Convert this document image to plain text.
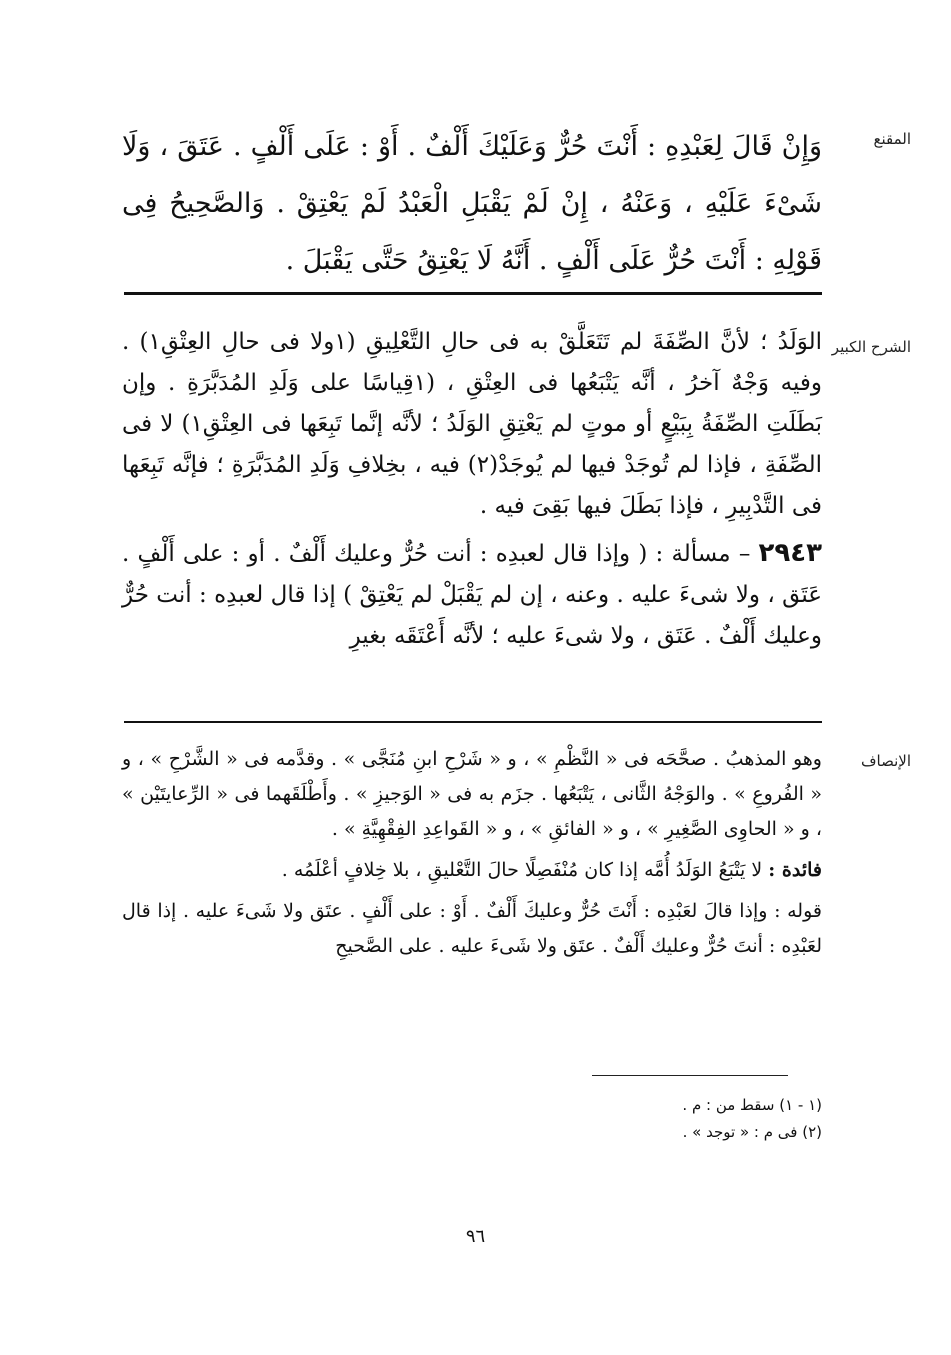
المقنع

وَإِنْ قَالَ لِعَبْدِهِ : أَنْتَ حُرٌّ وَعَلَيْكَ أَلْفٌ . أَوْ : عَلَى أَلْفٍ . عَتَقَ ، وَلَا شَىْءَ عَلَيْهِ ، وَعَنْهُ ، إِنْ لَمْ يَقْبَلِ الْعَبْدُ لَمْ يَعْتِقْ . وَالصَّحِيحُ فِى قَوْلِهِ : أَنْتَ حُرٌّ عَلَى أَلْفٍ . أَنَّهُ لَا يَعْتِقُ حَتَّى يَقْبَلَ .

الشرح الكبير

الوَلَدُ ؛ لأنَّ الصِّفَةَ لم تَتَعَلَّقْ به فى حالِ التَّعْلِيقِ (١ولا فى حالِ العِتْقِ١) . وفيه وَجْهٌ آخرُ ، أنَّه يَتْبَعُها فى العِتْقِ ، (١قِياسًا على وَلَدِ المُدَبَّرَةِ . وإن بَطَلَتِ الصِّفَةُ بِبَيْعٍ أو موتٍ لم يَعْتِقِ الوَلَدُ ؛ لأنَّه إنَّما تَبِعَها فى العِتْقِ١) لا فى الصِّفَةِ ، فإذا لم تُوجَدْ فيها لم يُوجَدْ(٢) فيه ، بخِلافِ وَلَدِ المُدَبَّرَةِ ؛ فإنَّه تَبِعَها فى التَّدْبِيرِ ، فإذا بَطَلَ فيها بَقِىَ فيه .

٢٩٤٣ – مسألة : ( وإذا قال لعبدِه : أنت حُرٌّ وعليك أَلْفٌ . أو : على أَلْفٍ . عَتَق ، ولا شىءَ عليه . وعنه ، إن لم يَقْبَلْ لم يَعْتِقْ ) إذا قال لعبدِه : أنت حُرٌّ وعليك أَلْفٌ . عَتَق ، ولا شىءَ عليه ؛ لأنَّه أَعْتَقَه بغيرِ

الإنصاف

وهو المذهبُ . صحَّحَه فى « النَّظْمِ » ، و « شَرْحِ ابنِ مُنَجَّى » . وقدَّمه فى « الشَّرْحِ » ، و « الفُروعِ » . والوَجْهُ الثَّانى ، يَتْبَعُها . جزَم به فى « الوَجيزِ » . وأَطْلَقَهما فى « الرِّعايتَيْن » ، و « الحاوِى الصَّغِيرِ » ، و « الفائقِ » ، و « القَواعِدِ الفِقْهِيَّةِ » .

فائدة : لا يَتْبَعُ الوَلَدُ أُمَّه إذا كان مُنْفَصِلًا حالَ التَّعْليقِ ، بلا خِلافٍ أعْلَمُه .

قوله : وإذا قالَ لعَبْدِه : أَنْتَ حُرٌّ وعليكَ أَلْفٌ . أَوْ : على أَلْفٍ . عتَق ولا شَىءَ عليه . إذا قال لعَبْدِه : أنتَ حُرٌّ وعليك أَلْفٌ . عتَق ولا شَىءَ عليه . على الصَّحيحِ

(١ - ١) سقط من : م .

(٢) فى م : « توجد » .

٩٦
